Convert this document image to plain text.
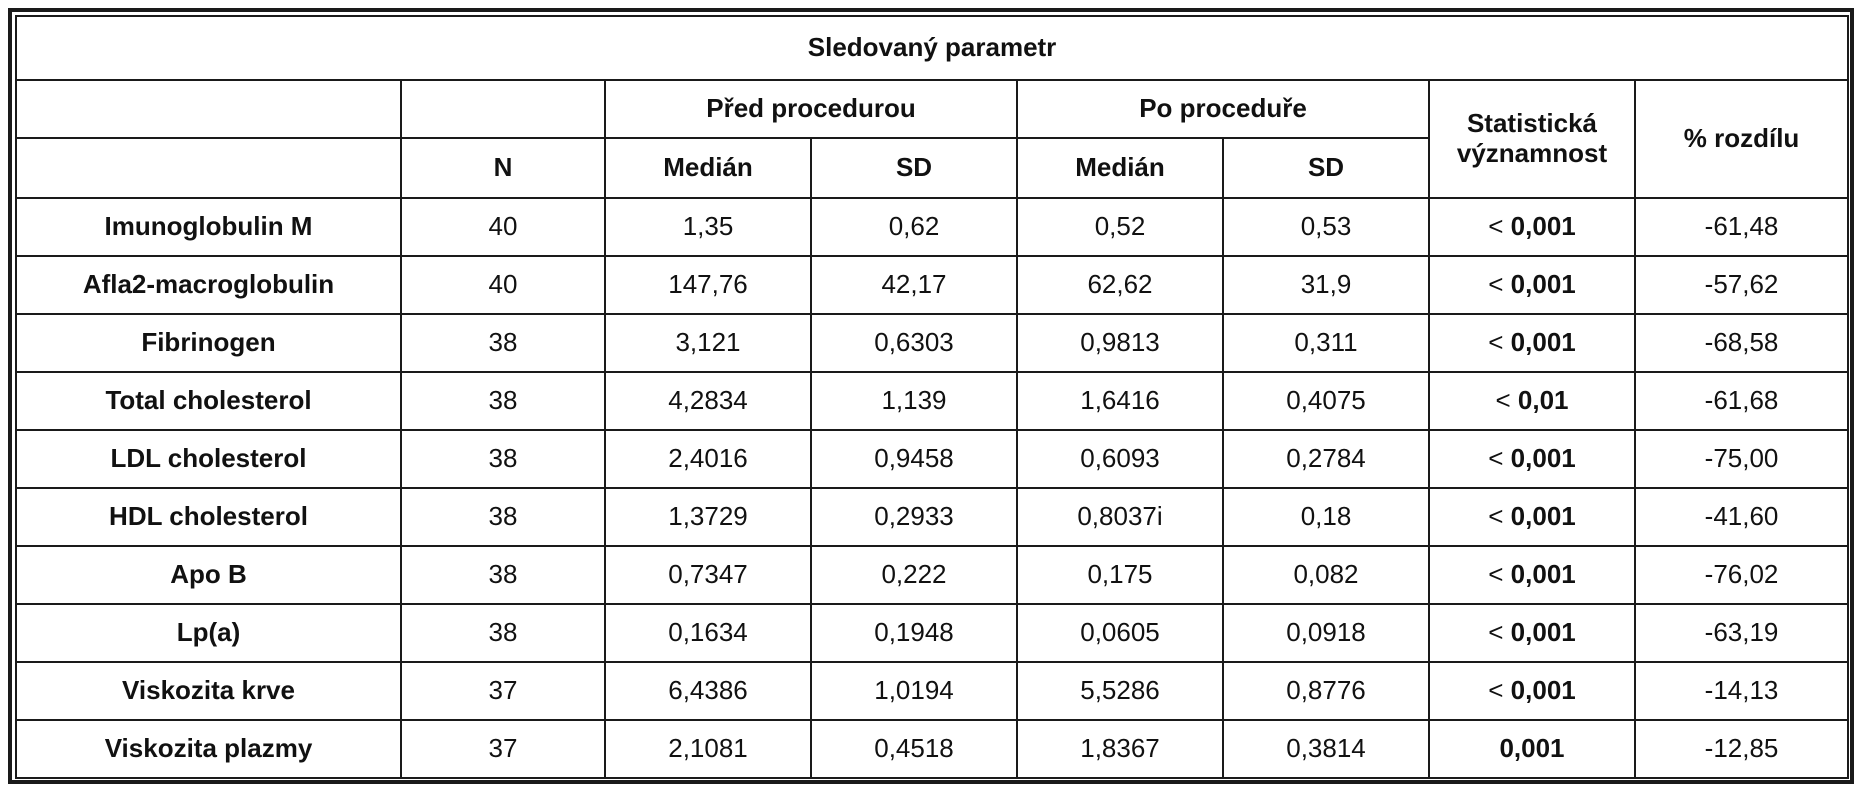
Sledovaný parametr							
		Před procedurou		Po proceduře		Statistická významnost	% rozdílu
	N	Medián	SD	Medián	SD		
Imunoglobulin M	40	1,35	0,62	0,52	0,53	< 0,001	-61,48
Afla2-macroglobulin	40	147,76	42,17	62,62	31,9	< 0,001	-57,62
Fibrinogen	38	3,121	0,6303	0,9813	0,311	< 0,001	-68,58
Total cholesterol	38	4,2834	1,139	1,6416	0,4075	< 0,01	-61,68
LDL cholesterol	38	2,4016	0,9458	0,6093	0,2784	< 0,001	-75,00
HDL cholesterol	38	1,3729	0,2933	0,8037i	0,18	< 0,001	-41,60
Apo B	38	0,7347	0,222	0,175	0,082	< 0,001	-76,02
Lp(a)	38	0,1634	0,1948	0,0605	0,0918	< 0,001	-63,19
Viskozita krve	37	6,4386	1,0194	5,5286	0,8776	< 0,001	-14,13
Viskozita plazmy	37	2,1081	0,4518	1,8367	0,3814	0,001	-12,85
